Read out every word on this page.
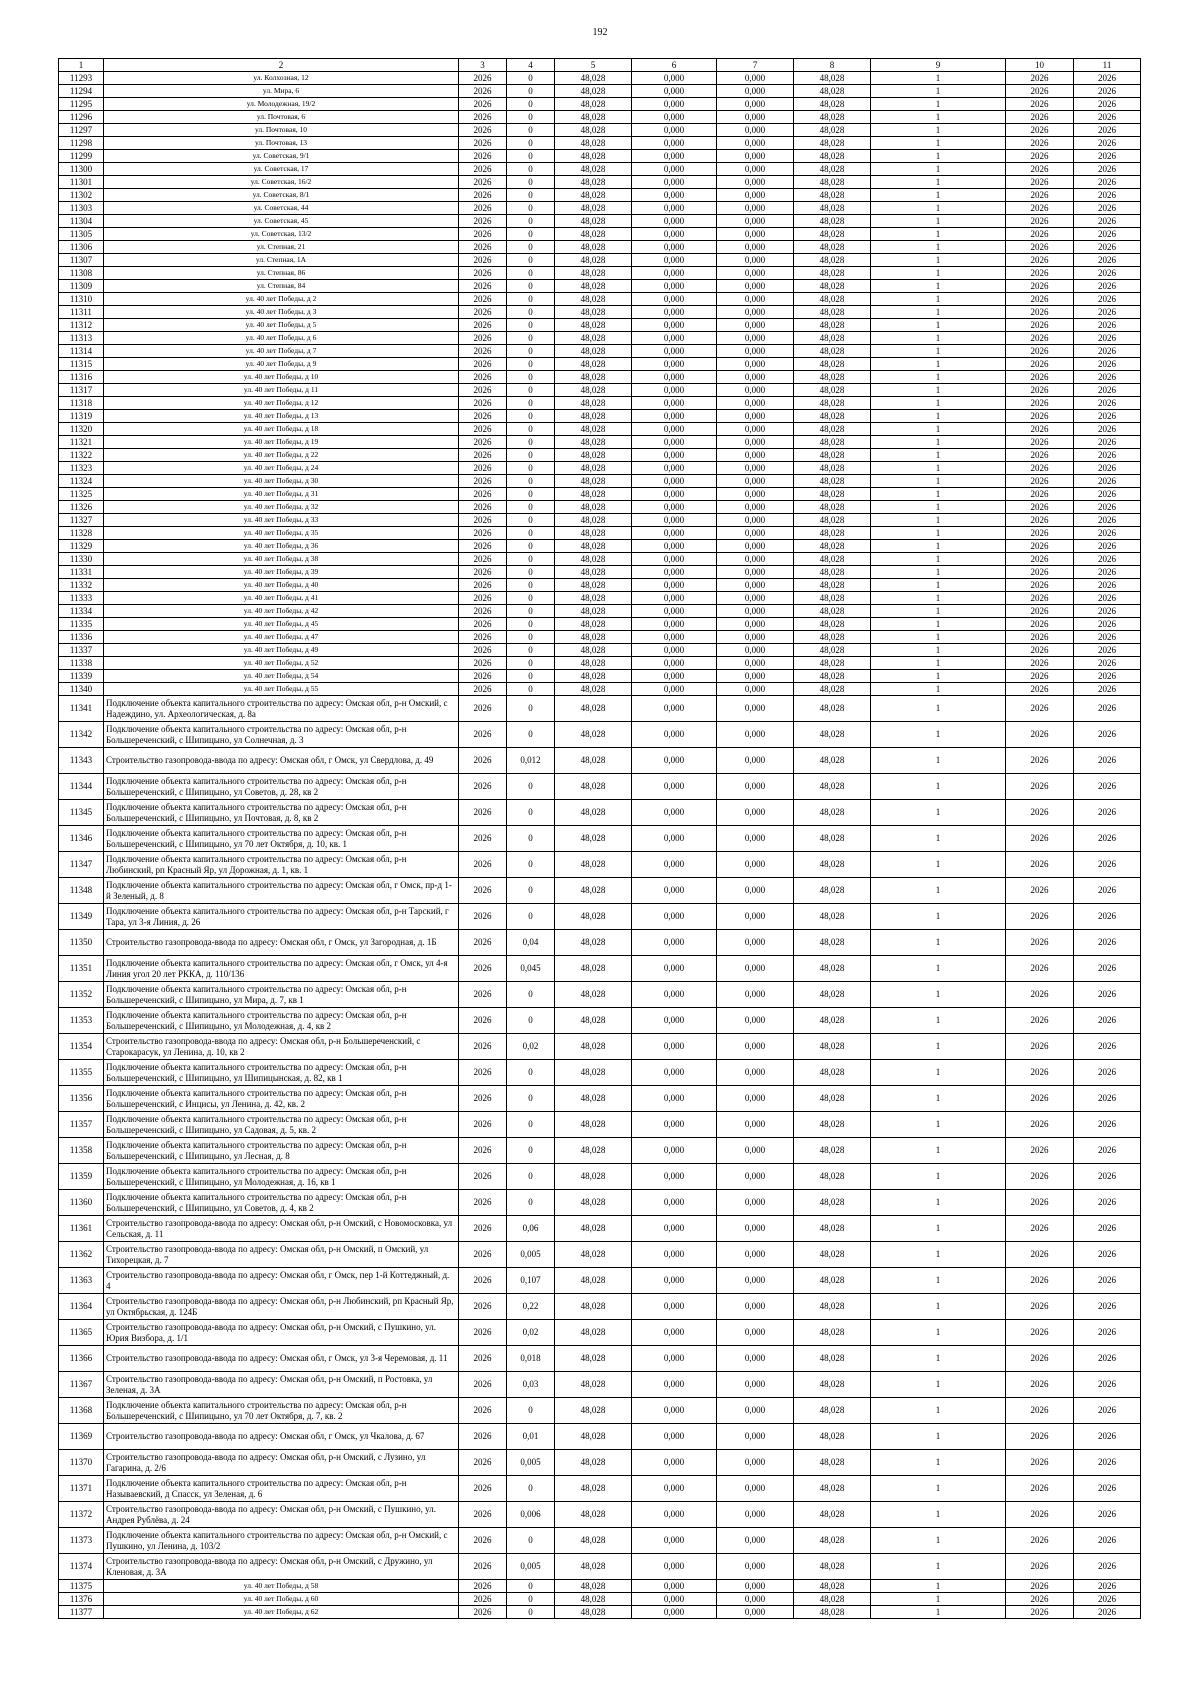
192
1	2	3	4	5	6	7	8	9	10	11
11293	ул. Колхозная, 12	2026	0	48,028	0,000	0,000	48,028	1	2026	2026
11294	ул. Мира, 6	2026	0	48,028	0,000	0,000	48,028	1	2026	2026
11295	ул. Молодежная, 19/2	2026	0	48,028	0,000	0,000	48,028	1	2026	2026
11296	ул. Почтовая, 6	2026	0	48,028	0,000	0,000	48,028	1	2026	2026
11297	ул. Почтовая, 10	2026	0	48,028	0,000	0,000	48,028	1	2026	2026
11298	ул. Почтовая, 13	2026	0	48,028	0,000	0,000	48,028	1	2026	2026
11299	ул. Советская, 9/1	2026	0	48,028	0,000	0,000	48,028	1	2026	2026
11300	ул. Советская, 17	2026	0	48,028	0,000	0,000	48,028	1	2026	2026
11301	ул. Советская, 16/2	2026	0	48,028	0,000	0,000	48,028	1	2026	2026
11302	ул. Советская, 8/1	2026	0	48,028	0,000	0,000	48,028	1	2026	2026
11303	ул. Советская, 44	2026	0	48,028	0,000	0,000	48,028	1	2026	2026
11304	ул. Советская, 45	2026	0	48,028	0,000	0,000	48,028	1	2026	2026
11305	ул. Советская, 13/2	2026	0	48,028	0,000	0,000	48,028	1	2026	2026
11306	ул. Степная, 21	2026	0	48,028	0,000	0,000	48,028	1	2026	2026
11307	ул. Степная, 1А	2026	0	48,028	0,000	0,000	48,028	1	2026	2026
11308	ул. Степная, 86	2026	0	48,028	0,000	0,000	48,028	1	2026	2026
11309	ул. Степная, 84	2026	0	48,028	0,000	0,000	48,028	1	2026	2026
11310	ул. 40 лет Победы, д 2	2026	0	48,028	0,000	0,000	48,028	1	2026	2026
11311	ул. 40 лет Победы, д 3	2026	0	48,028	0,000	0,000	48,028	1	2026	2026
11312	ул. 40 лет Победы, д 5	2026	0	48,028	0,000	0,000	48,028	1	2026	2026
11313	ул. 40 лет Победы, д 6	2026	0	48,028	0,000	0,000	48,028	1	2026	2026
11314	ул. 40 лет Победы, д 7	2026	0	48,028	0,000	0,000	48,028	1	2026	2026
11315	ул. 40 лет Победы, д 9	2026	0	48,028	0,000	0,000	48,028	1	2026	2026
11316	ул. 40 лет Победы, д 10	2026	0	48,028	0,000	0,000	48,028	1	2026	2026
11317	ул. 40 лет Победы, д 11	2026	0	48,028	0,000	0,000	48,028	1	2026	2026
11318	ул. 40 лет Победы, д 12	2026	0	48,028	0,000	0,000	48,028	1	2026	2026
11319	ул. 40 лет Победы, д 13	2026	0	48,028	0,000	0,000	48,028	1	2026	2026
11320	ул. 40 лет Победы, д 18	2026	0	48,028	0,000	0,000	48,028	1	2026	2026
11321	ул. 40 лет Победы, д 19	2026	0	48,028	0,000	0,000	48,028	1	2026	2026
11322	ул. 40 лет Победы, д 22	2026	0	48,028	0,000	0,000	48,028	1	2026	2026
11323	ул. 40 лет Победы, д 24	2026	0	48,028	0,000	0,000	48,028	1	2026	2026
11324	ул. 40 лет Победы, д 30	2026	0	48,028	0,000	0,000	48,028	1	2026	2026
11325	ул. 40 лет Победы, д 31	2026	0	48,028	0,000	0,000	48,028	1	2026	2026
11326	ул. 40 лет Победы, д 32	2026	0	48,028	0,000	0,000	48,028	1	2026	2026
11327	ул. 40 лет Победы, д 33	2026	0	48,028	0,000	0,000	48,028	1	2026	2026
11328	ул. 40 лет Победы, д 35	2026	0	48,028	0,000	0,000	48,028	1	2026	2026
11329	ул. 40 лет Победы, д 36	2026	0	48,028	0,000	0,000	48,028	1	2026	2026
11330	ул. 40 лет Победы, д 38	2026	0	48,028	0,000	0,000	48,028	1	2026	2026
11331	ул. 40 лет Победы, д 39	2026	0	48,028	0,000	0,000	48,028	1	2026	2026
11332	ул. 40 лет Победы, д 40	2026	0	48,028	0,000	0,000	48,028	1	2026	2026
11333	ул. 40 лет Победы, д 41	2026	0	48,028	0,000	0,000	48,028	1	2026	2026
11334	ул. 40 лет Победы, д 42	2026	0	48,028	0,000	0,000	48,028	1	2026	2026
11335	ул. 40 лет Победы, д 45	2026	0	48,028	0,000	0,000	48,028	1	2026	2026
11336	ул. 40 лет Победы, д 47	2026	0	48,028	0,000	0,000	48,028	1	2026	2026
11337	ул. 40 лет Победы, д 49	2026	0	48,028	0,000	0,000	48,028	1	2026	2026
11338	ул. 40 лет Победы, д 52	2026	0	48,028	0,000	0,000	48,028	1	2026	2026
11339	ул. 40 лет Победы, д 54	2026	0	48,028	0,000	0,000	48,028	1	2026	2026
11340	ул. 40 лет Победы, д 55	2026	0	48,028	0,000	0,000	48,028	1	2026	2026
11341	Подключение объекта капитального строительства по адресу: Омская обл, р-н Омский, с Надеждино, ул. Археологическая, д. 8а	2026	0	48,028	0,000	0,000	48,028	1	2026	2026
11342	Подключение объекта капитального строительства по адресу: Омская обл, р-н Большереченский, с Шипицыно, ул Солнечная, д. 3	2026	0	48,028	0,000	0,000	48,028	1	2026	2026
11343	Строительство газопровода-ввода по адресу: Омская обл, г Омск, ул Свердлова, д. 49	2026	0,012	48,028	0,000	0,000	48,028	1	2026	2026
11344	Подключение объекта капитального строительства по адресу: Омская обл, р-н Большереченский, с Шипицыно, ул Советов, д. 28, кв 2	2026	0	48,028	0,000	0,000	48,028	1	2026	2026
11345	Подключение объекта капитального строительства по адресу: Омская обл, р-н Большереченский, с Шипицыно, ул Почтовая, д. 8, кв 2	2026	0	48,028	0,000	0,000	48,028	1	2026	2026
11346	Подключение объекта капитального строительства по адресу: Омская обл, р-н Большереченский, с Шипицыно, ул 70 лет Октября, д. 10, кв. 1	2026	0	48,028	0,000	0,000	48,028	1	2026	2026
11347	Подключение объекта капитального строительства по адресу: Омская обл, р-н Любинский, рп Красный Яр, ул Дорожная, д. 1, кв. 1	2026	0	48,028	0,000	0,000	48,028	1	2026	2026
11348	Подключение объекта капитального строительства по адресу: Омская обл, г Омск, пр-д 1-й Зеленый, д. 8	2026	0	48,028	0,000	0,000	48,028	1	2026	2026
11349	Подключение объекта капитального строительства по адресу: Омская обл, р-н Тарский, г Тара, ул 3-я Линия, д. 26	2026	0	48,028	0,000	0,000	48,028	1	2026	2026
11350	Строительство газопровода-ввода по адресу: Омская обл, г Омск, ул Загородная, д. 1Б	2026	0,04	48,028	0,000	0,000	48,028	1	2026	2026
11351	Подключение объекта капитального строительства по адресу: Омская обл, г Омск, ул 4-я Линия угол 20 лет РККА, д. 110/136	2026	0,045	48,028	0,000	0,000	48,028	1	2026	2026
11352	Подключение объекта капитального строительства по адресу: Омская обл, р-н Большереченский, с Шипицыно, ул Мира, д. 7, кв 1	2026	0	48,028	0,000	0,000	48,028	1	2026	2026
11353	Подключение объекта капитального строительства по адресу: Омская обл, р-н Большереченский, с Шипицыно, ул Молодежная, д. 4, кв 2	2026	0	48,028	0,000	0,000	48,028	1	2026	2026
11354	Строительство газопровода-ввода по адресу: Омская обл, р-н Большереченский, с Старокарасук, ул Ленина, д. 10, кв 2	2026	0,02	48,028	0,000	0,000	48,028	1	2026	2026
11355	Подключение объекта капитального строительства по адресу: Омская обл, р-н Большереченский, с Шипицыно, ул Шипицынская, д. 82, кв 1	2026	0	48,028	0,000	0,000	48,028	1	2026	2026
11356	Подключение объекта капитального строительства по адресу: Омская обл, р-н Большереченский, с Инцисы, ул Ленина, д. 42, кв. 2	2026	0	48,028	0,000	0,000	48,028	1	2026	2026
11357	Подключение объекта капитального строительства по адресу: Омская обл, р-н Большереченский, с Шипицыно, ул Садовая, д. 5, кв. 2	2026	0	48,028	0,000	0,000	48,028	1	2026	2026
11358	Подключение объекта капитального строительства по адресу: Омская обл, р-н Большереченский, с Шипицыно, ул Лесная, д. 8	2026	0	48,028	0,000	0,000	48,028	1	2026	2026
11359	Подключение объекта капитального строительства по адресу: Омская обл, р-н Большереченский, с Шипицыно, ул Молодежная, д. 16, кв 1	2026	0	48,028	0,000	0,000	48,028	1	2026	2026
11360	Подключение объекта капитального строительства по адресу: Омская обл, р-н Большереченский, с Шипицыно, ул Советов, д. 4, кв 2	2026	0	48,028	0,000	0,000	48,028	1	2026	2026
11361	Строительство газопровода-ввода по адресу: Омская обл, р-н Омский, с Новомосковка, ул Сельская, д. 11	2026	0,06	48,028	0,000	0,000	48,028	1	2026	2026
11362	Строительство газопровода-ввода по адресу: Омская обл, р-н Омский, п Омский, ул Тихорецкая, д. 7	2026	0,005	48,028	0,000	0,000	48,028	1	2026	2026
11363	Строительство газопровода-ввода по адресу: Омская обл, г Омск, пер 1-й Коттеджный, д. 4	2026	0,107	48,028	0,000	0,000	48,028	1	2026	2026
11364	Строительство газопровода-ввода по адресу: Омская обл, р-н Любинский, рп Красный Яр, ул Октябрьская, д. 124Б	2026	0,22	48,028	0,000	0,000	48,028	1	2026	2026
11365	Строительство газопровода-ввода по адресу: Омская обл, р-н Омский, с Пушкино, ул. Юрия Визбора, д. 1/1	2026	0,02	48,028	0,000	0,000	48,028	1	2026	2026
11366	Строительство газопровода-ввода по адресу: Омская обл, г Омск, ул 3-я Черемовая, д. 11	2026	0,018	48,028	0,000	0,000	48,028	1	2026	2026
11367	Строительство газопровода-ввода по адресу: Омская обл, р-н Омский, п Ростовка, ул Зеленая, д. 3А	2026	0,03	48,028	0,000	0,000	48,028	1	2026	2026
11368	Подключение объекта капитального строительства по адресу: Омская обл, р-н Большереченский, с Шипицыно, ул 70 лет Октября, д. 7, кв. 2	2026	0	48,028	0,000	0,000	48,028	1	2026	2026
11369	Строительство газопровода-ввода по адресу: Омская обл, г Омск, ул Чкалова, д. 67	2026	0,01	48,028	0,000	0,000	48,028	1	2026	2026
11370	Строительство газопровода-ввода по адресу: Омская обл, р-н Омский, с Лузино, ул Гагарина, д. 2/6	2026	0,005	48,028	0,000	0,000	48,028	1	2026	2026
11371	Подключение объекта капитального строительства по адресу: Омская обл, р-н Называевский, д Спасск, ул Зеленая, д. 6	2026	0	48,028	0,000	0,000	48,028	1	2026	2026
11372	Строительство газопровода-ввода по адресу: Омская обл, р-н Омский, с Пушкино, ул. Андрея Рублёва, д. 24	2026	0,006	48,028	0,000	0,000	48,028	1	2026	2026
11373	Подключение объекта капитального строительства по адресу: Омская обл, р-н Омский, с Пушкино, ул Ленина, д. 103/2	2026	0	48,028	0,000	0,000	48,028	1	2026	2026
11374	Строительство газопровода-ввода по адресу: Омская обл, р-н Омский, с Дружино, ул Кленовая, д. 3А	2026	0,005	48,028	0,000	0,000	48,028	1	2026	2026
11375	ул. 40 лет Победы, д 58	2026	0	48,028	0,000	0,000	48,028	1	2026	2026
11376	ул. 40 лет Победы, д 60	2026	0	48,028	0,000	0,000	48,028	1	2026	2026
11377	ул. 40 лет Победы, д 62	2026	0	48,028	0,000	0,000	48,028	1	2026	2026
